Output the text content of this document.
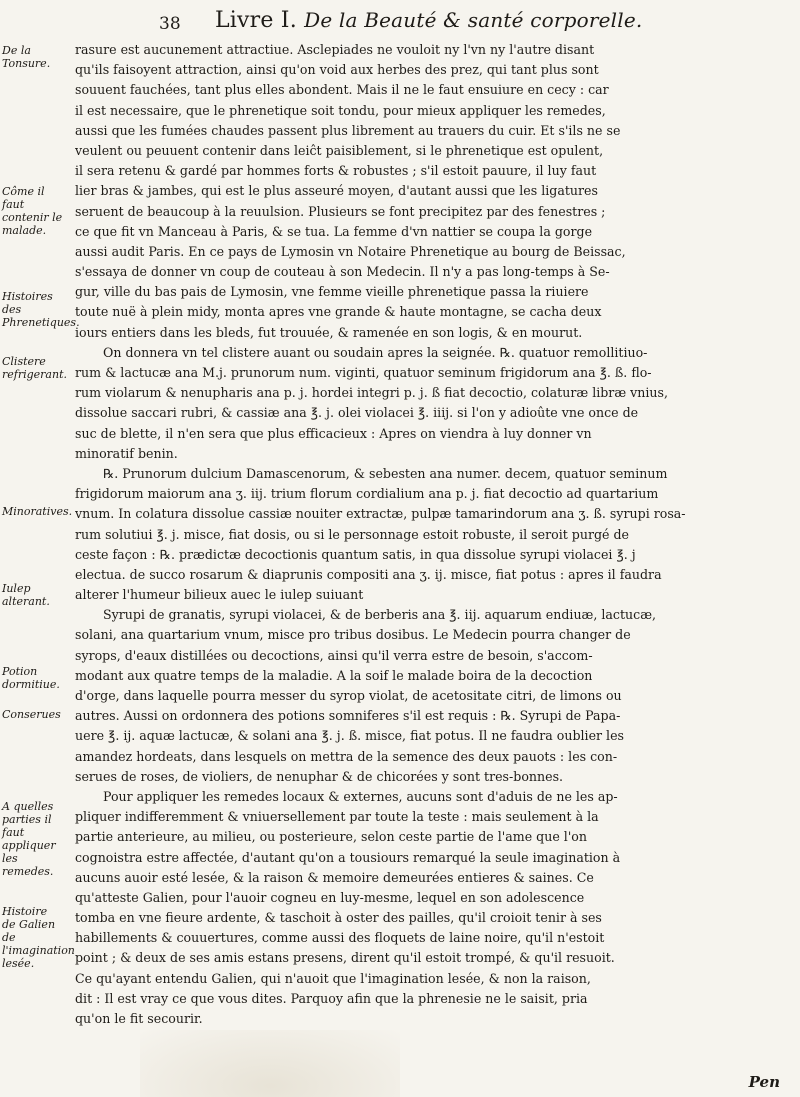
38 Livre I. De la Beauté & santé corporelle.
De la Tonsure.
Côme il faut contenir le malade.
Histoires des Phrenetiques.
Clistere refrigerant.
Minoratives.
Iulep alterant.
Potion dormitiue.
Conserues
A quelles parties il faut appliquer les remedes.
Histoire de Galien de l'imagination lesée.
rasure est aucunement attractiue. Asclepiades ne vouloit ny l'vn ny l'autre disant
qu'ils faisoyent attraction, ainsi qu'on void aux herbes des prez, qui tant plus sont
souuent fauchées, tant plus elles abondent. Mais il ne le faut ensuiure en cecy : car
il est necessaire, que le phrenetique soit tondu, pour mieux appliquer les remedes,
aussi que les fumées chaudes passent plus librement au trauers du cuir. Et s'ils ne se
veulent ou peuuent contenir dans leiĉt paisiblement, si le phrenetique est opulent,
il sera retenu & gardé par hommes forts & robustes ; s'il estoit pauure, il luy faut
lier bras & jambes, qui est le plus asseuré moyen, d'autant aussi que les ligatures
seruent de beaucoup à la reuulsion. Plusieurs se font precipitez par des fenestres ;
ce que fit vn Manceau à Paris, & se tua. La femme d'vn nattier se coupa la gorge
aussi audit Paris. En ce pays de Lymosin vn Notaire Phrenetique au bourg de Beissac,
s'essaya de donner vn coup de couteau à son Medecin. Il n'y a pas long-temps à Se-
gur, ville du bas pais de Lymosin, vne femme vieille phrenetique passa la riuiere
toute nuë à plein midy, monta apres vne grande & haute montagne, se cacha deux
iours entiers dans les bleds, fut trouuée, & ramenée en son logis, & en mourut.
On donnera vn tel clistere auant ou soudain apres la seignée. ℞. quatuor remollitiuo-
rum & lactucæ ana M.j. prunorum num. viginti, quatuor seminum frigidorum ana ℥. ß. flo-
rum violarum & nenupharis ana p. j. hordei integri p. j. ß fiat decoctio, colaturæ libræ vnius,
dissolue saccari rubri, & cassiæ ana ℥. j. olei violacei ℥. iiij. si l'on y adioûte vne once de
suc de blette, il n'en sera que plus efficacieux : Apres on viendra à luy donner vn
minoratif benin.
℞. Prunorum dulcium Damascenorum, & sebesten ana numer. decem, quatuor seminum
frigidorum maiorum ana ʒ. iij. trium florum cordialium ana p. j. fiat decoctio ad quartarium
vnum. In colatura dissolue cassiæ nouiter extractæ, pulpæ tamarindorum ana ʒ. ß. syrupi rosa-
rum solutiui ℥. j. misce, fiat dosis, ou si le personnage estoit robuste, il seroit purgé de
ceste façon : ℞. prædictæ decoctionis quantum satis, in qua dissolue syrupi violacei ℥. j
electua. de succo rosarum & diaprunis compositi ana ʒ. ij. misce, fiat potus : apres il faudra
alterer l'humeur bilieux auec le iulep suiuant
Syrupi de granatis, syrupi violacei, & de berberis ana ℥. iij. aquarum endiuæ, lactucæ,
solani, ana quartarium vnum, misce pro tribus dosibus. Le Medecin pourra changer de
syrops, d'eaux distillées ou decoctions, ainsi qu'il verra estre de besoin, s'accom-
modant aux quatre temps de la maladie. A la soif le malade boira de la decoction
d'orge, dans laquelle pourra messer du syrop violat, de acetositate citri, de limons ou
autres. Aussi on ordonnera des potions somniferes s'il est requis : ℞. Syrupi de Papa-
uere ℥. ij. aquæ lactucæ, & solani ana ℥. j. ß. misce, fiat potus. Il ne faudra oublier les
amandez hordeats, dans lesquels on mettra de la semence des deux pauots : les con-
serues de roses, de violiers, de nenuphar & de chicorées y sont tres-bonnes.
Pour appliquer les remedes locaux & externes, aucuns sont d'aduis de ne les ap-
pliquer indifferemment & vniuersellement par toute la teste : mais seulement à la
partie anterieure, au milieu, ou posterieure, selon ceste partie de l'ame que l'on
cognoistra estre affectée, d'autant qu'on a tousiours remarqué la seule imagination à
aucuns auoir esté lesée, & la raison & memoire demeurées entieres & saines. Ce
qu'atteste Galien, pour l'auoir cogneu en luy-mesme, lequel en son adolescence
tomba en vne fieure ardente, & taschoit à oster des pailles, qu'il croioit tenir à ses
habillements & couuertures, comme aussi des floquets de laine noire, qu'il n'estoit
point ; & deux de ses amis estans presens, dirent qu'il estoit trompé, & qu'il resuoit.
Ce qu'ayant entendu Galien, qui n'auoit que l'imagination lesée, & non la raison,
dit : Il est vray ce que vous dites. Parquoy afin que la phrenesie ne le saisit, pria
qu'on le fit secourir.
Pen
